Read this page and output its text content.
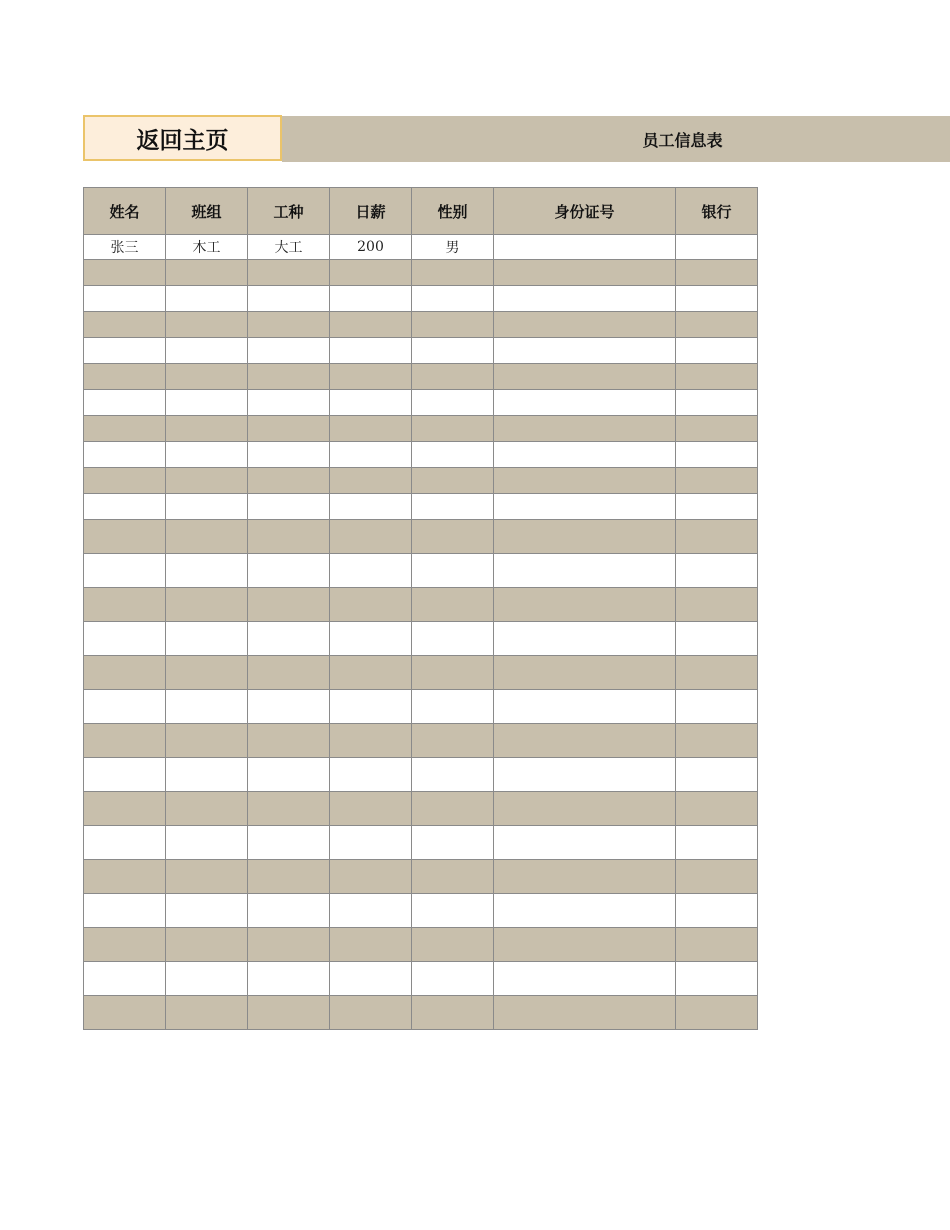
返回主页	员工信息表
姓名	班组	工种	日薪	性别	身份证号	银行
张三	木工	大工	200	男		
